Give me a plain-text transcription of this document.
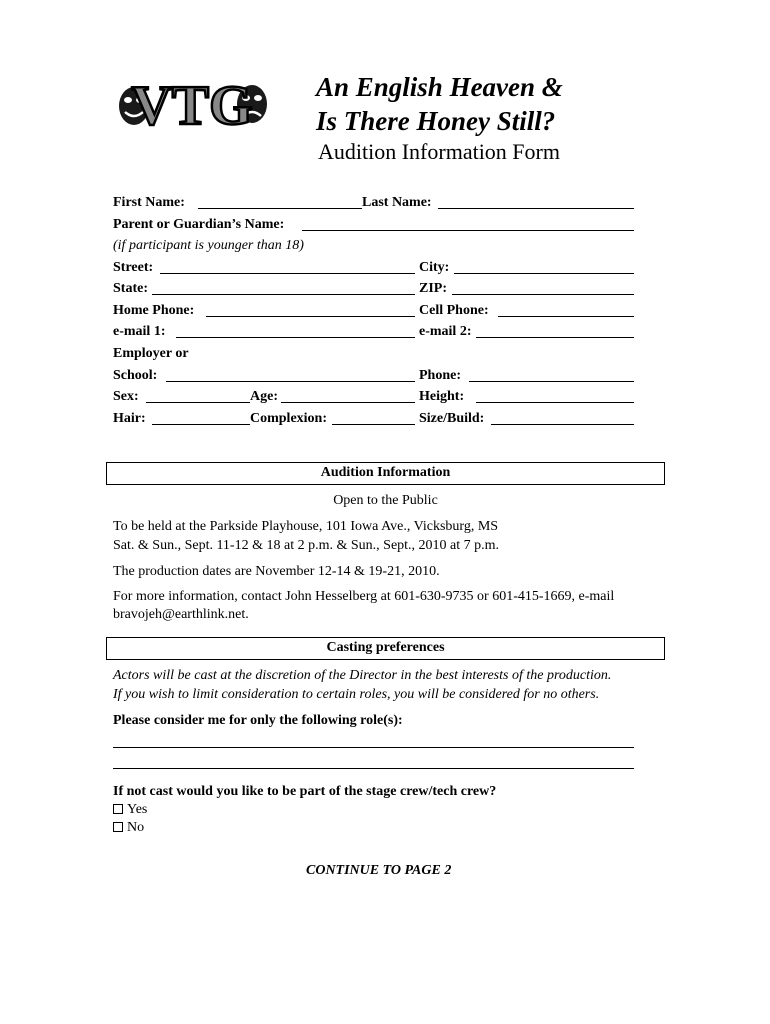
VTG An English Heaven &
Is There Honey Still?
Audition Information Form
First Name:	Last Name:
Parent or Guardian’s Name:
(if participant is younger than 18)
Street:	City:
State:	ZIP:
Home Phone:	Cell Phone:
e-mail 1:	e-mail 2:
Employer or
School:	Phone:
Sex:	Age:	Height:
Hair:	Complexion:	Size/Build:
Audition Information
Open to the Public
To be held at the Parkside Playhouse, 101 Iowa Ave., Vicksburg, MS
Sat. & Sun., Sept. 11-12 & 18 at 2 p.m. & Sun., Sept., 2010 at 7 p.m.
The production dates are November 12-14 & 19-21, 2010.
For more information, contact John Hesselberg at 601-630-9735 or 601-415-1669, e-mail
bravojeh@earthlink.net.
Casting preferences
Actors will be cast at the discretion of the Director in the best interests of the production.
If you wish to limit consideration to certain roles, you will be considered for no others.
Please consider me for only the following role(s):
If not cast would you like to be part of the stage crew/tech crew?
Yes
No
CONTINUE TO PAGE 2
